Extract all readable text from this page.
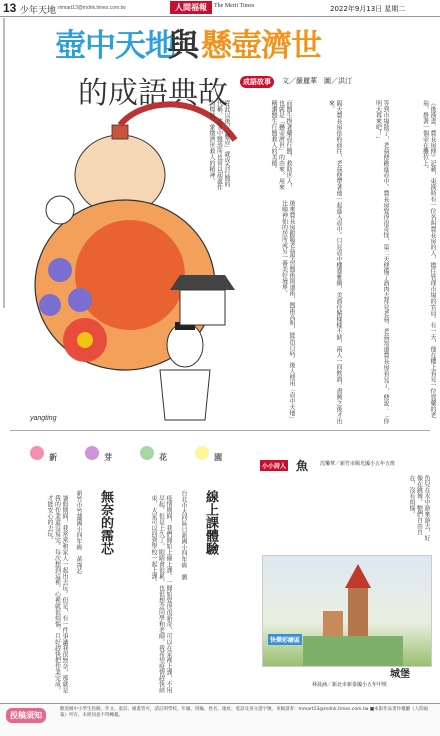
13 少年天地 mmart13@mdnk.times.com.tw	人間福報	The Merit Times	2022年9月13日 星期二
壺中天地
與 懸壺濟世
的成語典故	成語故事	文／嚴麗華　圖／洪汀
yangting
《後漢書．費長房傳》記載，東漢時有一位名叫費長房的人，擔任管理市場的官員。有一天，他在樓上看見一位賣藥的老翁，掛著一個壺在攤位上。
等到市場散了，老翁便跳進壺中。費長房覺得很奇怪，第二天便備了酒肉去拜見老翁。老翁知道費長房看見了，便說：「你明天再來吧！」
隔天費長房依約前往，老翁便帶著他一起進入壺中。只見壺中樓臺雅緻，美酒佳餚樣樣不缺，兩人一同飲酒，盡興之後才出來。
後來費長房跟隨老翁學習醫術與道術，醫術高明，能治百病。後人便用「壺中天地」比喻神仙的居所或另一番美好境界。
而醫生掛著藥壺行醫，救助世人，也就是「懸壺濟世」的由來，用來稱讚醫生行醫救人的美德。
從此以後，「懸壺」就成為行醫的代稱，許多中醫診所也常以葫蘆作為標誌，象徵濟世救人的精神。
新	芽	花	園
無奈的霈芯
新竹市竹蓮國小四年級　黃霈芯
暑假期間，我常常和家人一起出去玩。但是，有一件事讓我很無奈，那就是我的作業還沒寫完。每次想到這裡，心裡就很煩惱，只好趕快把作業完成，才能安心的去玩。	線上課體驗
台北市大同區日新國小四年級　劉
疫情期間，我們開始上線上課。一開始覺得很新奇，可以在家裡上課，不用早起。但是上久了，眼睛會很累，也很想念同學和老師。我希望疫情趕快結束，大家可以回到學校一起上課。
小小詩人 魚 沈樂華／新竹市陽光國小五年五班
魚兒在水中游來游去，好像在跳舞。牠們自由自在，沒有煩惱。
快樂彩繪區
城堡
林晨涵／新北市新泰國小五年甲班
投稿須知
歡迎國中小學生投稿，作文、童詩、繪畫皆可，請註明學校、年級、班級、姓名、地址、電話及身分證字號。來稿請寄：mmart13@mdnk.times.com.tw ■本版作品著作權屬《人間福報》所有，未經同意不得轉載。
